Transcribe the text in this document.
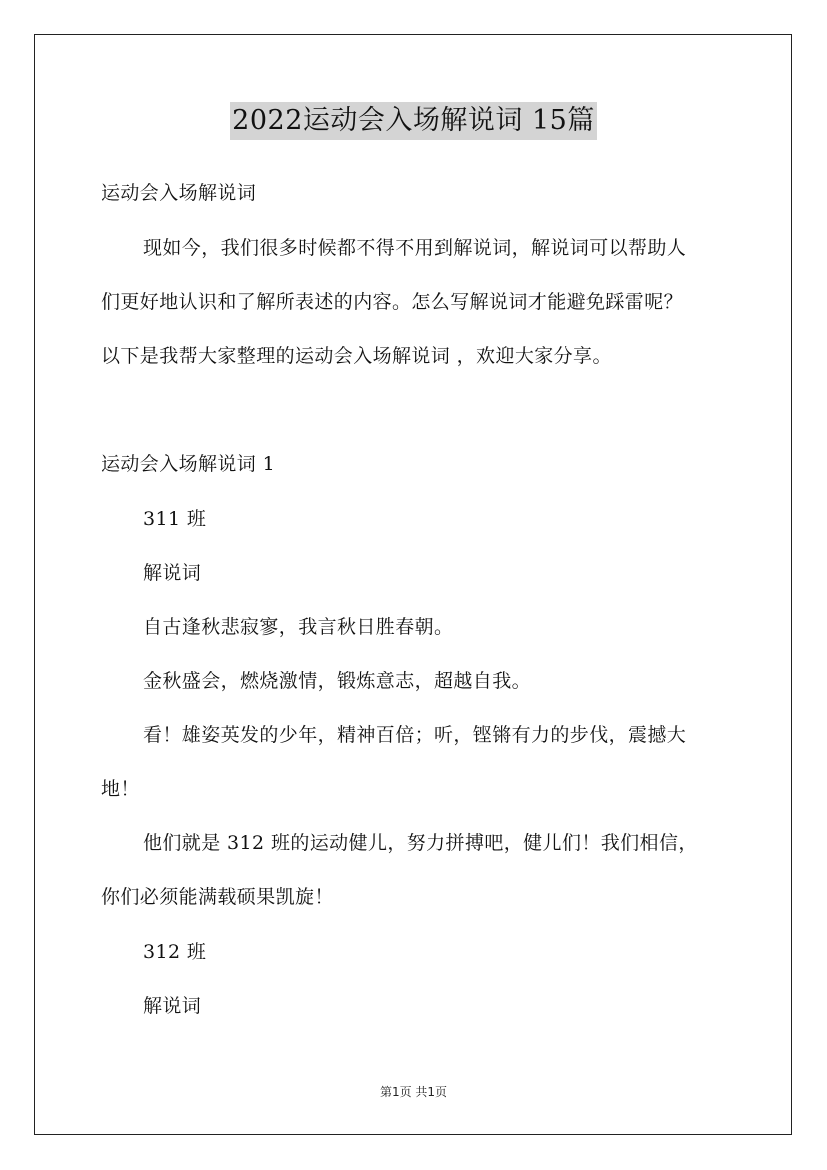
2022运动会入场解说词 15篇
运动会入场解说词
现如今，我们很多时候都不得不用到解说词，解说词可以帮助人
们更好地认识和了解所表述的内容。怎么写解说词才能避免踩雷呢？
以下是我帮大家整理的运动会入场解说词 ，欢迎大家分享。
运动会入场解说词 1
311 班
解说词
自古逢秋悲寂寥，我言秋日胜春朝。
金秋盛会，燃烧激情，锻炼意志，超越自我。
看！雄姿英发的少年，精神百倍；听，铿锵有力的步伐，震撼大
地！
他们就是 312 班的运动健儿，努力拼搏吧，健儿们！我们相信，
你们必须能满载硕果凯旋！
312 班
解说词
第1页 共1页
